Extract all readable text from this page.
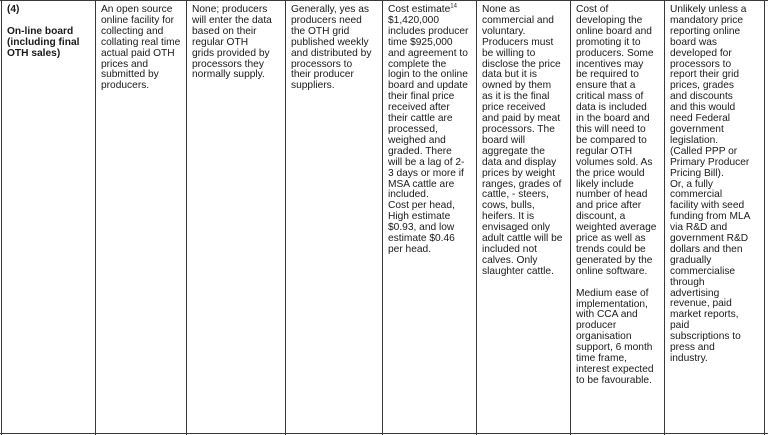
(4)
On-line board
(including final
OTH sales)
An open source
online facility for
collecting and
collating real time
actual paid OTH
prices and
submitted by
producers.
None; producers
will enter the data
based on their
regular OTH
grids provided by
processors they
normally supply.
Generally, yes as
producers need
the OTH grid
published weekly
and distributed by
processors to
their producer
suppliers.
Cost estimate$^{14}$
$1,420,000
includes producer
time $925,000
and agreement to
complete the
login to the online
board and update
their final price
received after
their cattle are
processed,
weighed and
graded. There
will be a lag of 2-
3 days or more if
MSA cattle are
included.
Cost per head,
High estimate
$0.93, and low
estimate $0.46
per head.
None as
commercial and
voluntary.
Producers must
be willing to
disclose the price
data but it is
owned by them
as it is the final
price received
and paid by meat
processors. The
board will
aggregate the
data and display
prices by weight
ranges, grades of
cattle, - steers,
cows, bulls,
heifers. It is
envisaged only
adult cattle will be
included not
calves. Only
slaughter cattle.
Cost of
developing the
online board and
promoting it to
producers. Some
incentives may
be required to
ensure that a
critical mass of
data is included
in the board and
this will need to
be compared to
regular OTH
volumes sold. As
the price would
likely include
number of head
and price after
discount, a
weighted average
price as well as
trends could be
generated by the
online software.
Medium ease of
implementation,
with CCA and
producer
organisation
support, 6 month
time frame,
interest expected
to be favourable.
Unlikely unless a
mandatory price
reporting online
board was
developed for
processors to
report their grid
prices, grades
and discounts
and this would
need Federal
government
legislation.
(Called PPP or
Primary Producer
Pricing Bill).
Or, a fully
commercial
facility with seed
funding from MLA
via R&D and
government R&D
dollars and then
gradually
commercialise
through
advertising
revenue, paid
market reports,
paid
subscriptions to
press and
industry.
